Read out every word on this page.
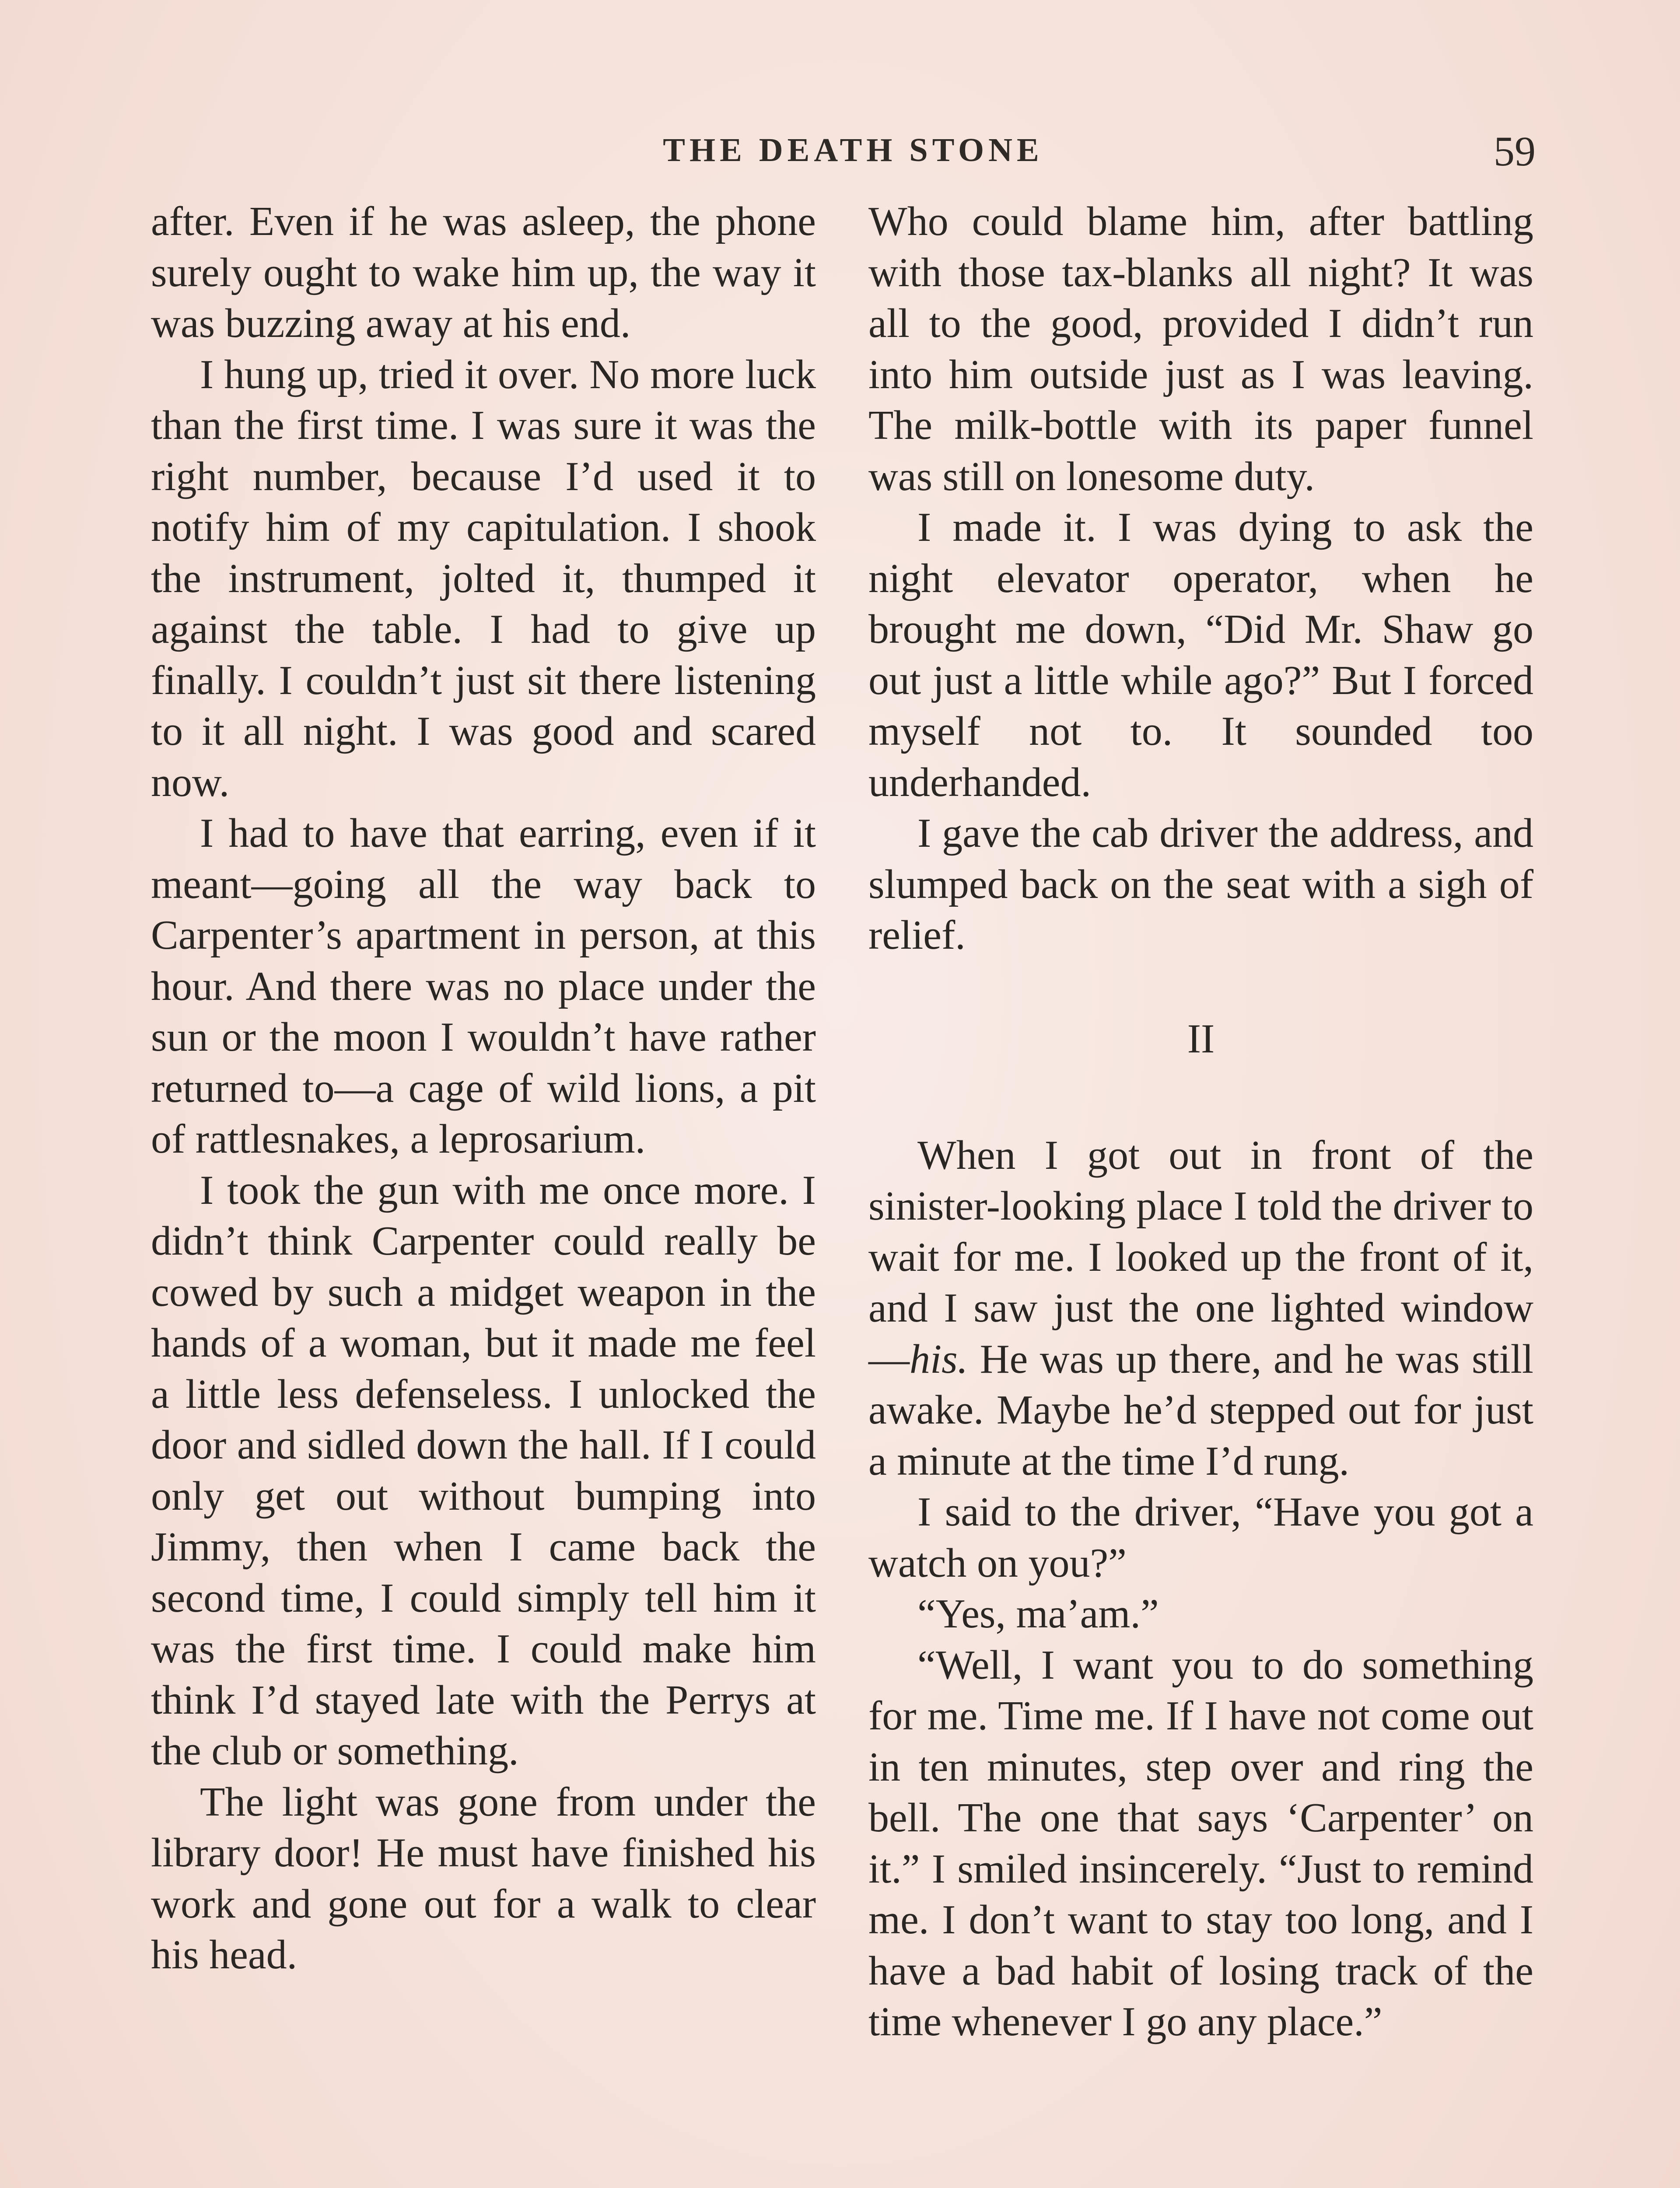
THE DEATH STONE	59

after. Even if he was asleep, the phone surely ought to wake him up, the way it was buzzing away at his end.

I hung up, tried it over. No more luck than the first time. I was sure it was the right number, because I’d used it to notify him of my capitulation. I shook the instrument, jolted it, thumped it against the table. I had to give up finally. I couldn’t just sit there listening to it all night. I was good and scared now.

I had to have that earring, even if it meant—going all the way back to Carpenter’s apartment in person, at this hour. And there was no place under the sun or the moon I wouldn’t have rather returned to—a cage of wild lions, a pit of rattlesnakes, a leprosarium.

I took the gun with me once more. I didn’t think Carpenter could really be cowed by such a midget weapon in the hands of a woman, but it made me feel a little less defenseless. I unlocked the door and sidled down the hall. If I could only get out without bumping into Jimmy, then when I came back the second time, I could simply tell him it was the first time. I could make him think I’d stayed late with the Perrys at the club or something.

The light was gone from under the library door! He must have finished his work and gone out for a walk to clear his head.

Who could blame him, after battling with those tax-blanks all night? It was all to the good, provided I didn’t run into him outside just as I was leaving. The milk-bottle with its paper funnel was still on lonesome duty.

I made it. I was dying to ask the night elevator operator, when he brought me down, “Did Mr. Shaw go out just a little while ago?” But I forced myself not to. It sounded too underhanded.

I gave the cab driver the address, and slumped back on the seat with a sigh of relief.

II

When I got out in front of the sinister-looking place I told the driver to wait for me. I looked up the front of it, and I saw just the one lighted window—his. He was up there, and he was still awake. Maybe he’d stepped out for just a minute at the time I’d rung.

I said to the driver, “Have you got a watch on you?”

“Yes, ma’am.”

“Well, I want you to do something for me. Time me. If I have not come out in ten minutes, step over and ring the bell. The one that says ‘Carpenter’ on it.” I smiled insincerely. “Just to remind me. I don’t want to stay too long, and I have a bad habit of losing track of the time whenever I go any place.”
